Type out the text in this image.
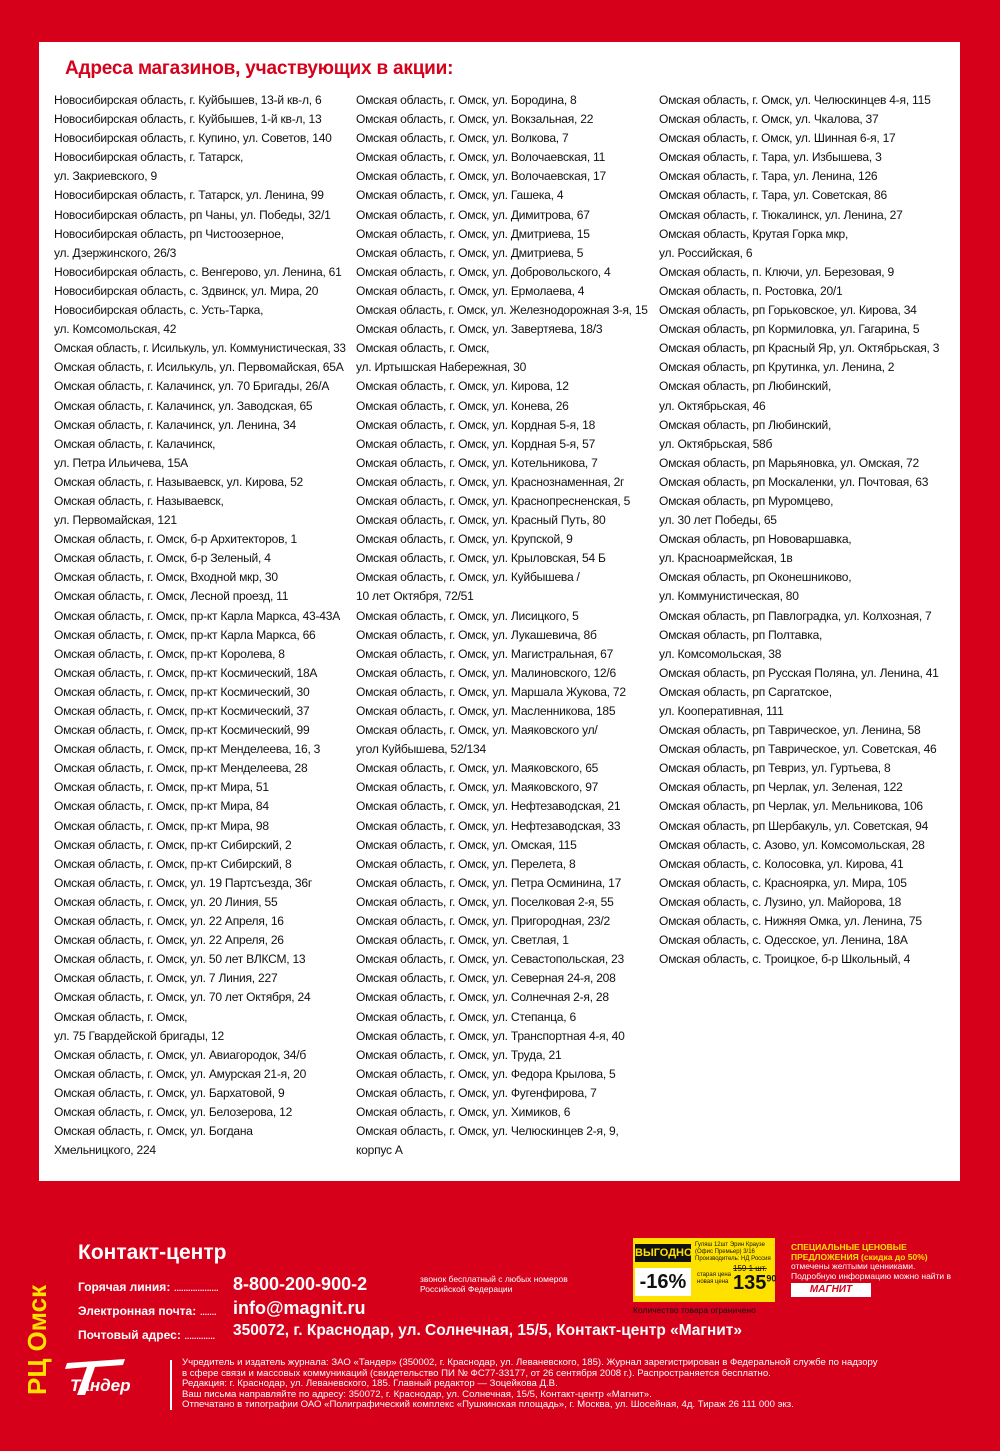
Адреса магазинов, участвующих в акции:
Новосибирская область, г. Куйбышев, 13-й кв-л, 6
Новосибирская область, г. Куйбышев, 1-й кв-л, 13
Новосибирская область, г. Купино, ул. Советов, 140
Новосибирская область, г. Татарск,
ул. Закриевского, 9
Новосибирская область, г. Татарск, ул. Ленина, 99
Новосибирская область, рп Чаны, ул. Победы, 32/1
Новосибирская область, рп Чистоозерное,
ул. Дзержинского, 26/3
Новосибирская область, с. Венгерово, ул. Ленина, 61
Новосибирская область, с. Здвинск, ул. Мира, 20
Новосибирская область, с. Усть-Тарка,
ул. Комсомольская, 42
Омская область, г. Исилькуль, ул. Коммунистическая, 33
Омская область, г. Исилькуль, ул. Первомайская, 65А
Омская область, г. Калачинск, ул. 70 Бригады, 26/А
Омская область, г. Калачинск, ул. Заводская, 65
Омская область, г. Калачинск, ул. Ленина, 34
Омская область, г. Калачинск,
ул. Петра Ильичева, 15А
Омская область, г. Называевск, ул. Кирова, 52
Омская область, г. Называевск,
ул. Первомайская, 121
Омская область, г. Омск, б-р Архитекторов, 1
Омская область, г. Омск, б-р Зеленый, 4
Омская область, г. Омск, Входной мкр, 30
Омская область, г. Омск, Лесной проезд, 11
Омская область, г. Омск, пр-кт Карла Маркса, 43-43А
Омская область, г. Омск, пр-кт Карла Маркса, 66
Омская область, г. Омск, пр-кт Королева, 8
Омская область, г. Омск, пр-кт Космический, 18А
Омская область, г. Омск, пр-кт Космический, 30
Омская область, г. Омск, пр-кт Космический, 37
Омская область, г. Омск, пр-кт Космический, 99
Омская область, г. Омск, пр-кт Менделеева, 16, 3
Омская область, г. Омск, пр-кт Менделеева, 28
Омская область, г. Омск, пр-кт Мира, 51
Омская область, г. Омск, пр-кт Мира, 84
Омская область, г. Омск, пр-кт Мира, 98
Омская область, г. Омск, пр-кт Сибирский, 2
Омская область, г. Омск, пр-кт Сибирский, 8
Омская область, г. Омск, ул. 19 Партсъезда, 36г
Омская область, г. Омск, ул. 20 Линия, 55
Омская область, г. Омск, ул. 22 Апреля, 16
Омская область, г. Омск, ул. 22 Апреля, 26
Омская область, г. Омск, ул. 50 лет ВЛКСМ, 13
Омская область, г. Омск, ул. 7 Линия, 227
Омская область, г. Омск, ул. 70 лет Октября, 24
Омская область, г. Омск,
ул. 75 Гвардейской бригады, 12
Омская область, г. Омск, ул. Авиагородок, 34/б
Омская область, г. Омск, ул. Амурская 21-я, 20
Омская область, г. Омск, ул. Бархатовой, 9
Омская область, г. Омск, ул. Белозерова, 12
Омская область, г. Омск, ул. Богдана
Хмельницкого, 224
Омская область, г. Омск, ул. Бородина, 8
Омская область, г. Омск, ул. Вокзальная, 22
Омская область, г. Омск, ул. Волкова, 7
Омская область, г. Омск, ул. Волочаевская, 11
Омская область, г. Омск, ул. Волочаевская, 17
Омская область, г. Омск, ул. Гашека, 4
Омская область, г. Омск, ул. Димитрова, 67
Омская область, г. Омск, ул. Дмитриева, 15
Омская область, г. Омск, ул. Дмитриева, 5
Омская область, г. Омск, ул. Добровольского, 4
Омская область, г. Омск, ул. Ермолаева, 4
Омская область, г. Омск, ул. Железнодорожная 3-я, 15
Омская область, г. Омск, ул. Завертяева, 18/3
Омская область, г. Омск,
ул. Иртышская Набережная, 30
Омская область, г. Омск, ул. Кирова, 12
Омская область, г. Омск, ул. Конева, 26
Омская область, г. Омск, ул. Кордная 5-я, 18
Омская область, г. Омск, ул. Кордная 5-я, 57
Омская область, г. Омск, ул. Котельникова, 7
Омская область, г. Омск, ул. Краснознаменная, 2г
Омская область, г. Омск, ул. Краснопресненская, 5
Омская область, г. Омск, ул. Красный Путь, 80
Омская область, г. Омск, ул. Крупской, 9
Омская область, г. Омск, ул. Крыловская, 54 Б
Омская область, г. Омск, ул. Куйбышева /
10 лет Октября, 72/51
Омская область, г. Омск, ул. Лисицкого, 5
Омская область, г. Омск, ул. Лукашевича, 8б
Омская область, г. Омск, ул. Магистральная, 67
Омская область, г. Омск, ул. Малиновского, 12/6
Омская область, г. Омск, ул. Маршала Жукова, 72
Омская область, г. Омск, ул. Масленникова, 185
Омская область, г. Омск, ул. Маяковского ул/
угол Куйбышева, 52/134
Омская область, г. Омск, ул. Маяковского, 65
Омская область, г. Омск, ул. Маяковского, 97
Омская область, г. Омск, ул. Нефтезаводская, 21
Омская область, г. Омск, ул. Нефтезаводская, 33
Омская область, г. Омск, ул. Омская, 115
Омская область, г. Омск, ул. Перелета, 8
Омская область, г. Омск, ул. Петра Осминина, 17
Омская область, г. Омск, ул. Поселковая 2-я, 55
Омская область, г. Омск, ул. Пригородная, 23/2
Омская область, г. Омск, ул. Светлая, 1
Омская область, г. Омск, ул. Севастопольская, 23
Омская область, г. Омск, ул. Северная 24-я, 208
Омская область, г. Омск, ул. Солнечная 2-я, 28
Омская область, г. Омск, ул. Степанца, 6
Омская область, г. Омск, ул. Транспортная 4-я, 40
Омская область, г. Омск, ул. Труда, 21
Омская область, г. Омск, ул. Федора Крылова, 5
Омская область, г. Омск, ул. Фугенфирова, 7
Омская область, г. Омск, ул. Химиков, 6
Омская область, г. Омск, ул. Челюскинцев 2-я, 9,
корпус А
Омская область, г. Омск, ул. Челюскинцев 4-я, 115
Омская область, г. Омск, ул. Чкалова, 37
Омская область, г. Омск, ул. Шинная 6-я, 17
Омская область, г. Тара, ул. Избышева, 3
Омская область, г. Тара, ул. Ленина, 126
Омская область, г. Тара, ул. Советская, 86
Омская область, г. Тюкалинск, ул. Ленина, 27
Омская область, Крутая Горка мкр,
ул. Российская, 6
Омская область, п. Ключи, ул. Березовая, 9
Омская область, п. Ростовка, 20/1
Омская область, рп Горьковское, ул. Кирова, 34
Омская область, рп Кормиловка, ул. Гагарина, 5
Омская область, рп Красный Яр, ул. Октябрьская, 3
Омская область, рп Крутинка, ул. Ленина, 2
Омская область, рп Любинский,
ул. Октябрьская, 46
Омская область, рп Любинский,
ул. Октябрьская, 58б
Омская область, рп Марьяновка, ул. Омская, 72
Омская область, рп Москаленки, ул. Почтовая, 63
Омская область, рп Муромцево,
ул. 30 лет Победы, 65
Омская область, рп Нововаршавка,
ул. Красноармейская, 1в
Омская область, рп Оконешниково,
ул. Коммунистическая, 80
Омская область, рп Павлоградка, ул. Колхозная, 7
Омская область, рп Полтавка,
ул. Комсомольская, 38
Омская область, рп Русская Поляна, ул. Ленина, 41
Омская область, рп Саргатское,
ул. Кооперативная, 111
Омская область, рп Таврическое, ул. Ленина, 58
Омская область, рп Таврическое, ул. Советская, 46
Омская область, рп Тевриз, ул. Гуртьева, 8
Омская область, рп Черлак, ул. Зеленая, 122
Омская область, рп Черлак, ул. Мельникова, 106
Омская область, рп Шербакуль, ул. Советская, 94
Омская область, с. Азово, ул. Комсомольская, 28
Омская область, с. Колосовка, ул. Кирова, 41
Омская область, с. Красноярка, ул. Мира, 105
Омская область, с. Лузино, ул. Майорова, 18
Омская область, с. Нижняя Омка, ул. Ленина, 75
Омская область, с. Одесское, ул. Ленина, 18А
Омская область, с. Троицкое, б-р Школьный, 4
РЦ Омск
Контакт-центр
Горячая линия: ................... 8-800-200-900-2	звонок бесплатный с любых номеров Российской Федерации
Электронная почта: ....... info@magnit.ru
Почтовый адрес: ............. 350072, г. Краснодар, ул. Солнечная, 15/5, Контакт-центр «Магнит»
ВЫГОДНО
-16%
Гуляш 12шт Эрин Краузе (Офис Премьер) 3/16 Производитель: НД Россия
старая цена
новая цена
159 1 шт.
$135^{90}$
Количество товара ограничено
СПЕЦИАЛЬНЫЕ ЦЕНОВЫЕ ПРЕДЛОЖЕНИЯ (скидка до 50%) отмечены желтыми ценниками. Подробную информацию можно найти в
МАГНИТ
Тандер
Учредитель и издатель журнала: ЗАО «Тандер» (350002, г. Краснодар, ул. Леваневского, 185). Журнал зарегистрирован в Федеральной службе по надзору
в сфере связи и массовых коммуникаций (свидетельство ПИ № ФС77-33177, от 26 сентября 2008 г.). Распространяется бесплатно.
Редакция: г. Краснодар, ул. Леваневского, 185. Главный редактор — Зоцейкова Д.В.
Ваш письма направляйте по адресу: 350072, г. Краснодар, ул. Солнечная, 15/5, Контакт-центр «Магнит».
Отпечатано в типографии ОАО «Полиграфический комплекс «Пушкинская площадь», г. Москва, ул. Шосейная, 4д. Тираж 26 111 000 экз.
